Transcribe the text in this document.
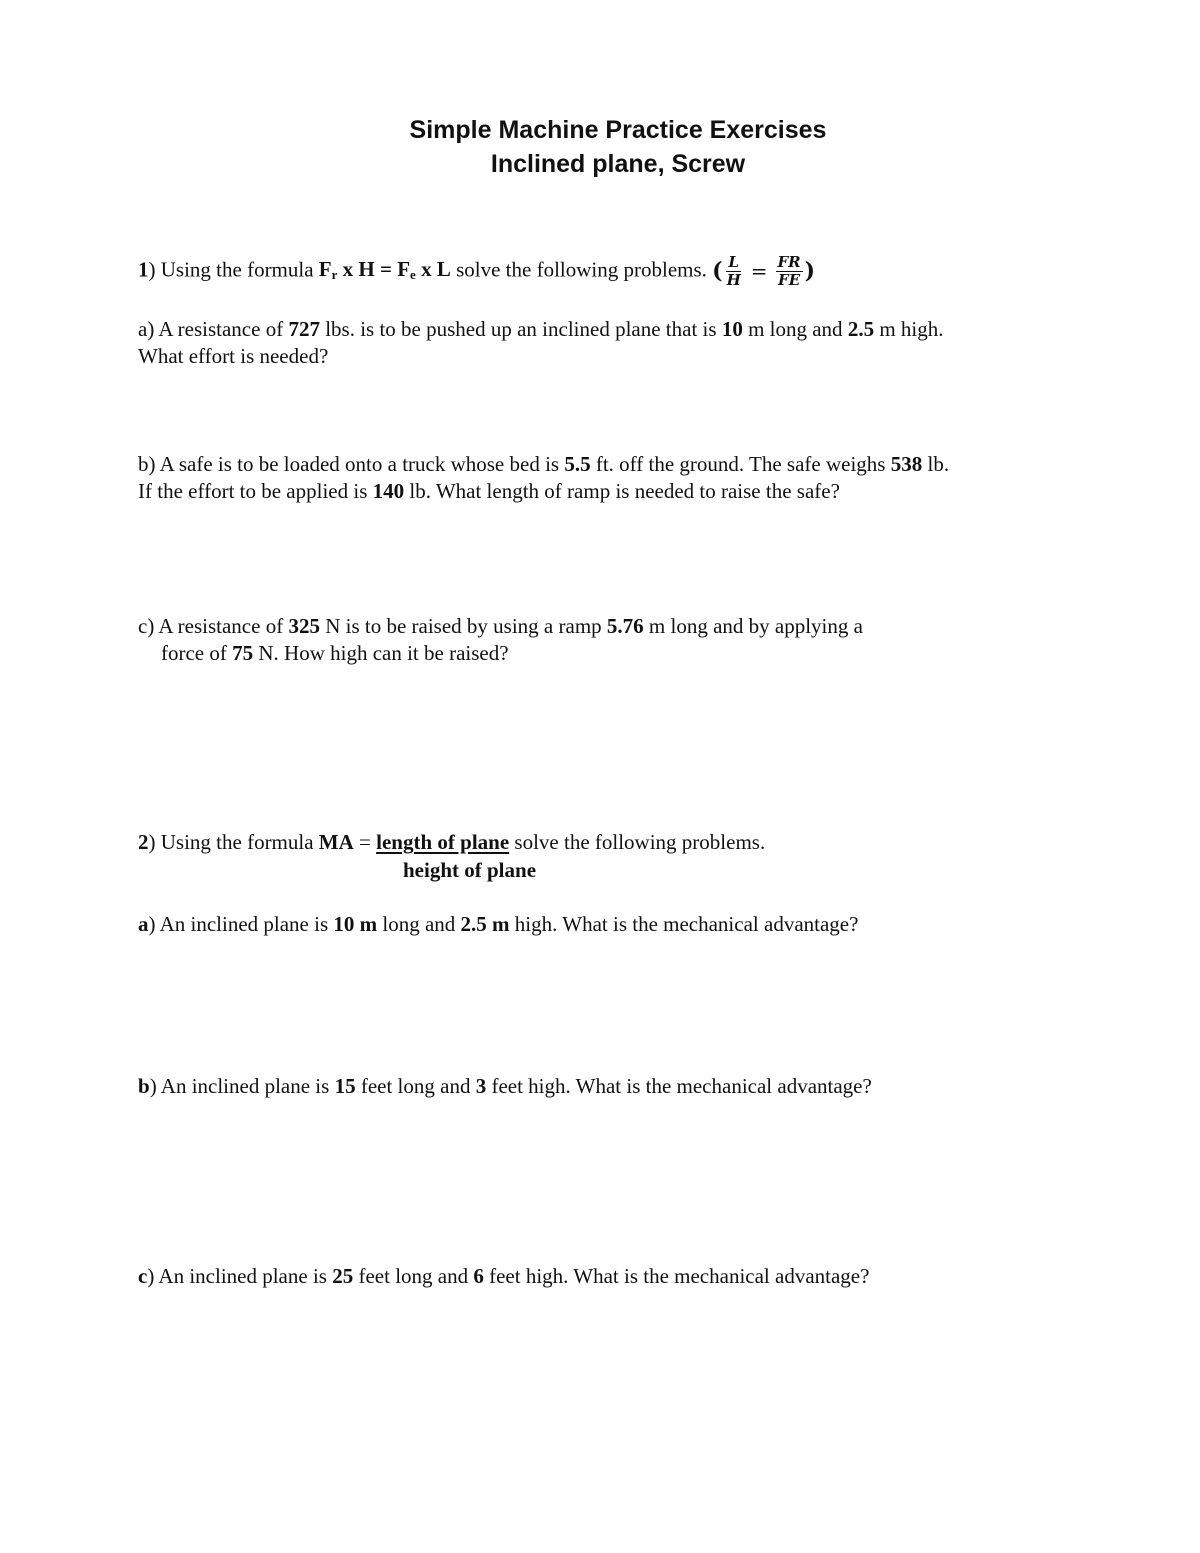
Simple Machine Practice Exercises
Inclined plane, Screw
1) Using the formula $F_r$ x $H = F_e$ x L solve the following problems. ( $\frac{L}{H} = \frac{FR}{FE}$ )
a) A resistance of 727 lbs. is to be pushed up an inclined plane that is 10 m long and 2.5 m high.
What effort is needed?
b) A safe is to be loaded onto a truck whose bed is 5.5 ft. off the ground. The safe weighs 538 lb.
If the effort to be applied is 140 lb. What length of ramp is needed to raise the safe?
c) A resistance of 325 N is to be raised by using a ramp 5.76 m long and by applying a
force of 75 N. How high can it be raised?
2) Using the formula MA = length of plane solve the following problems.
height of plane
a) An inclined plane is 10 m long and 2.5 m high. What is the mechanical advantage?
b) An inclined plane is 15 feet long and 3 feet high. What is the mechanical advantage?
c) An inclined plane is 25 feet long and 6 feet high. What is the mechanical advantage?
